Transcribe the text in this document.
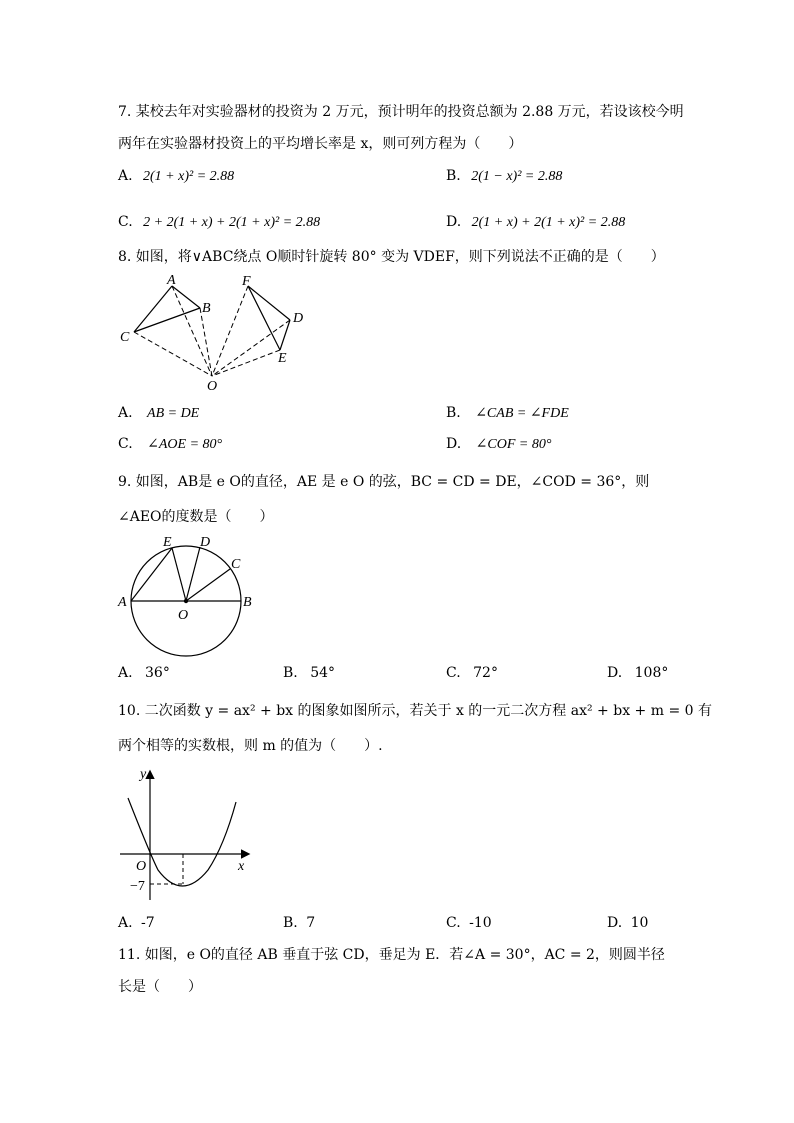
7. 某校去年对实验器材的投资为 2 万元，预计明年的投资总额为 2.88 万元，若设该校今明
两年在实验器材投资上的平均增长率是 x，则可列方程为（　　）
A. 2(1 + x)² = 2.88	B. 2(1 − x)² = 2.88
C. 2 + 2(1 + x) + 2(1 + x)² = 2.88	D. 2(1 + x) + 2(1 + x)² = 2.88
8. 如图，将∨ABC绕点 O顺时针旋转 80° 变为 VDEF，则下列说法不正确的是（　　）
A
B
C
O
F
D
E
A. AB = DE	B. ∠CAB = ∠FDE
C. ∠AOE = 80°	D. ∠COF = 80°
9. 如图，AB是 e O的直径，AE 是 e O 的弦，BC = CD = DE，∠COD = 36°，则
∠AEO的度数是（　　）
E D
C
A
O
B
A. 36°	B. 54°	C. 72°	D. 108°
10. 二次函数 y = ax² + bx 的图象如图所示，若关于 x 的一元二次方程 ax² + bx + m = 0 有
两个相等的实数根，则 m 的值为（　　）.
y
O	x
−7
A. -7	B. 7	C. -10	D. 10
11. 如图，e O的直径 AB 垂直于弦 CD，垂足为 E．若∠A = 30°，AC = 2，则圆半径
长是（　　）
